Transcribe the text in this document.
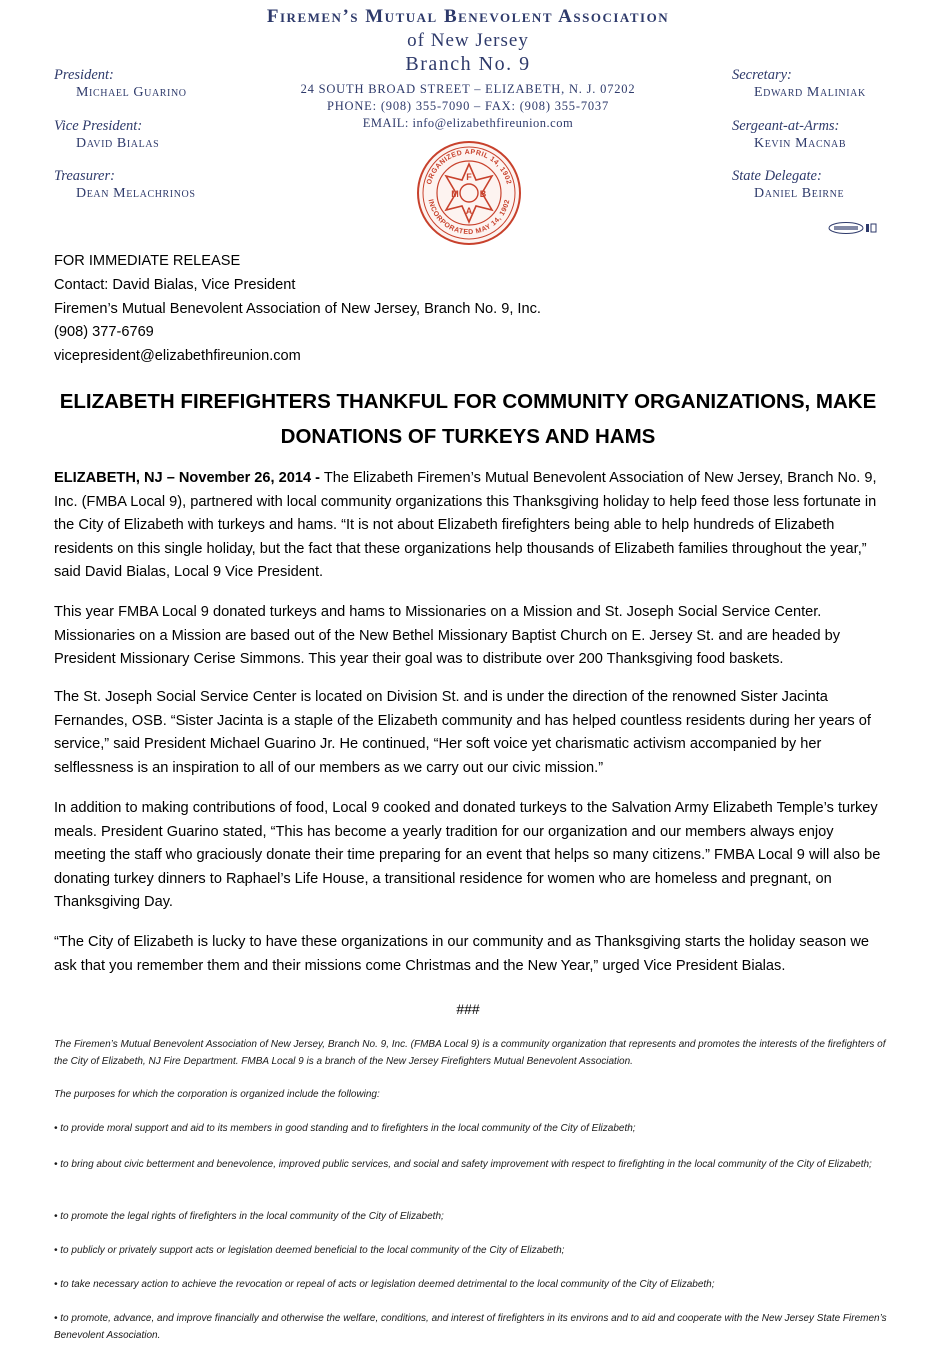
Firemen’s Mutual Benevolent Association
of New Jersey
Branch No. 9
24 SOUTH BROAD STREET – ELIZABETH, N. J. 07202
PHONE: (908) 355-7090 – FAX: (908) 355-7037
EMAIL: info@elizabethfireunion.com
President:
Michael Guarino
Vice President:
David Bialas
Treasurer:
Dean Melachrinos
Secretary:
Edward Maliniak
Sergeant-at-Arms:
Kevin Macnab
State Delegate:
Daniel Beirne
ORGANIZED APRIL 14, 1902
INCORPORATED MAY 14, 1902
F
M B
A
FOR IMMEDIATE RELEASE
Contact: David Bialas, Vice President
Firemen’s Mutual Benevolent Association of New Jersey, Branch No. 9, Inc.
(908) 377-6769
vicepresident@elizabethfireunion.com
ELIZABETH FIREFIGHTERS THANKFUL FOR COMMUNITY ORGANIZATIONS, MAKE DONATIONS OF TURKEYS AND HAMS

ELIZABETH, NJ – November 26, 2014 - The Elizabeth Firemen’s Mutual Benevolent Association of New Jersey, Branch No. 9, Inc. (FMBA Local 9), partnered with local community organizations this Thanksgiving holiday to help feed those less fortunate in the City of Elizabeth with turkeys and hams. “It is not about Elizabeth firefighters being able to help hundreds of Elizabeth residents on this single holiday, but the fact that these organizations help thousands of Elizabeth families throughout the year,” said David Bialas, Local 9 Vice President.

This year FMBA Local 9 donated turkeys and hams to Missionaries on a Mission and St. Joseph Social Service Center. Missionaries on a Mission are based out of the New Bethel Missionary Baptist Church on E. Jersey St. and are headed by President Missionary Cerise Simmons. This year their goal was to distribute over 200 Thanksgiving food baskets.

The St. Joseph Social Service Center is located on Division St. and is under the direction of the renowned Sister Jacinta Fernandes, OSB. “Sister Jacinta is a staple of the Elizabeth community and has helped countless residents during her years of service,” said President Michael Guarino Jr. He continued, “Her soft voice yet charismatic activism accompanied by her selflessness is an inspiration to all of our members as we carry out our civic mission.”

In addition to making contributions of food, Local 9 cooked and donated turkeys to the Salvation Army Elizabeth Temple’s turkey meals. President Guarino stated, “This has become a yearly tradition for our organization and our members always enjoy meeting the staff who graciously donate their time preparing for an event that helps so many citizens.” FMBA Local 9 will also be donating turkey dinners to Raphael’s Life House, a transitional residence for women who are homeless and pregnant, on Thanksgiving Day.

“The City of Elizabeth is lucky to have these organizations in our community and as Thanksgiving starts the holiday season we ask that you remember them and their missions come Christmas and the New Year,” urged Vice President Bialas.

###

The Firemen’s Mutual Benevolent Association of New Jersey, Branch No. 9, Inc. (FMBA Local 9) is a community organization that represents and promotes the interests of the firefighters of the City of Elizabeth, NJ Fire Department. FMBA Local 9 is a branch of the New Jersey Firefighters Mutual Benevolent Association.

The purposes for which the corporation is organized include the following:

• to provide moral support and aid to its members in good standing and to firefighters in the local community of the City of Elizabeth;

• to bring about civic betterment and benevolence, improved public services, and social and safety improvement with respect to firefighting in the local community of the City of Elizabeth;

• to promote the legal rights of firefighters in the local community of the City of Elizabeth;

• to publicly or privately support acts or legislation deemed beneficial to the local community of the City of Elizabeth;

• to take necessary action to achieve the revocation or repeal of acts or legislation deemed detrimental to the local community of the City of Elizabeth;

• to promote, advance, and improve financially and otherwise the welfare, conditions, and interest of firefighters in its environs and to aid and cooperate with the New Jersey State Firemen’s Benevolent Association.
